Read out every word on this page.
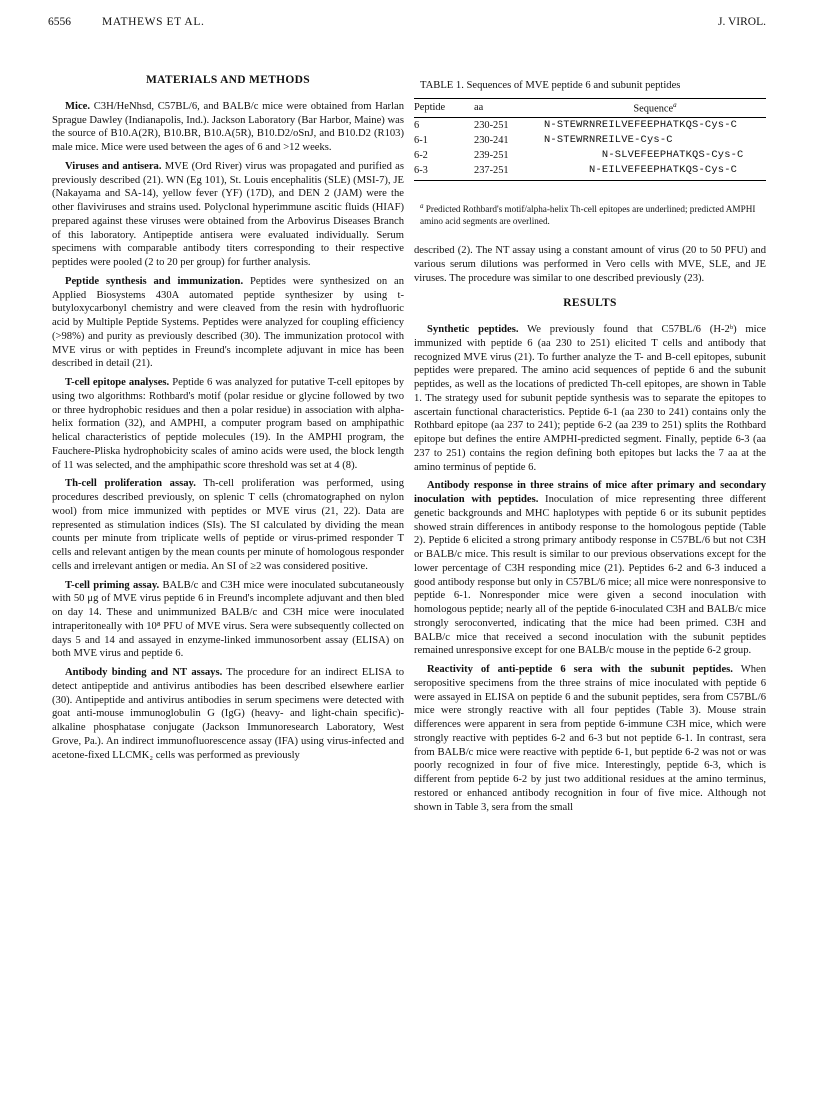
6556	MATHEWS ET AL.	J. VIROL.
MATERIALS AND METHODS

Mice. C3H/HeNhsd, C57BL/6, and BALB/c mice were obtained from Harlan Sprague Dawley (Indianapolis, Ind.). Jackson Laboratory (Bar Harbor, Maine) was the source of B10.A(2R), B10.BR, B10.A(5R), B10.D2/oSnJ, and B10.D2 (R103) male mice. Mice were used between the ages of 6 and >12 weeks.

Viruses and antisera. MVE (Ord River) virus was propagated and purified as previously described (21). WN (Eg 101), St. Louis encephalitis (SLE) (MSI-7), JE (Nakayama and SA-14), yellow fever (YF) (17D), and DEN 2 (JAM) were the other flaviviruses and strains used. Polyclonal hyperimmune ascitic fluids (HIAF) prepared against these viruses were obtained from the Arbovirus Diseases Branch of this laboratory. Antipeptide antisera were evaluated individually. Serum specimens with comparable antibody titers corresponding to their respective peptides were pooled (2 to 20 per group) for further analysis.

Peptide synthesis and immunization. Peptides were synthesized on an Applied Biosystems 430A automated peptide synthesizer by using t-butyloxycarbonyl chemistry and were cleaved from the resin with hydrofluoric acid by Multiple Peptide Systems. Peptides were analyzed for coupling efficiency (>98%) and purity as previously described (30). The immunization protocol with MVE virus or with peptides in Freund's incomplete adjuvant in mice has been described in detail (21).

T-cell epitope analyses. Peptide 6 was analyzed for putative T-cell epitopes by using two algorithms: Rothbard's motif (polar residue or glycine followed by two or three hydrophobic residues and then a polar residue) in association with alpha-helix formation (32), and AMPHI, a computer program based on amphipathic helical characteristics of peptide molecules (19). In the AMPHI program, the Fauchere-Pliska hydrophobicity scales of amino acids were used, the block length of 11 was selected, and the amphipathic score threshold was set at 4 (8).

Th-cell proliferation assay. Th-cell proliferation was performed, using procedures described previously, on splenic T cells (chromatographed on nylon wool) from mice immunized with peptides or MVE virus (21, 22). Data are represented as stimulation indices (SIs). The SI calculated by dividing the mean counts per minute from triplicate wells of peptide or virus-primed responder T cells and relevant antigen by the mean counts per minute of homologous responder cells and irrelevant antigen or media. An SI of ≥2 was considered positive.

T-cell priming assay. BALB/c and C3H mice were inoculated subcutaneously with 50 μg of MVE virus peptide 6 in Freund's incomplete adjuvant and then bled on day 14. These and unimmunized BALB/c and C3H mice were inoculated intraperitoneally with 10⁸ PFU of MVE virus. Sera were subsequently collected on days 5 and 14 and assayed in enzyme-linked immunosorbent assay (ELISA) on both MVE virus and peptide 6.

Antibody binding and NT assays. The procedure for an indirect ELISA to detect antipeptide and antivirus antibodies has been described elsewhere earlier (30). Antipeptide and antivirus antibodies in serum specimens were detected with goat anti-mouse immunoglobulin G (IgG) (heavy- and light-chain specific)-alkaline phosphatase conjugate (Jackson Immunoresearch Laboratory, West Grove, Pa.). An indirect immunofluorescence assay (IFA) using virus-infected and acetone-fixed LLCMK₂ cells was performed as previously

TABLE 1. Sequences of MVE peptide 6 and subunit peptides
Peptide	aa	Sequence$^a$
6	230-251	N-STEWRNREILVEFEEPHATKQS-Cys-C
6-1	230-241	N-STEWRNREILVE-Cys-C
6-2	239-251	N-SLVEFEEPHATKQS-Cys-C
6-3	237-251	N-EILVEFEEPHATKQS-Cys-C
$^a$ Predicted Rothbard's motif/alpha-helix Th-cell epitopes are underlined; predicted AMPHI amino acid segments are overlined.

described (2). The NT assay using a constant amount of virus (20 to 50 PFU) and various serum dilutions was performed in Vero cells with MVE, SLE, and JE viruses. The procedure was similar to one described previously (23).

RESULTS

Synthetic peptides. We previously found that C57BL/6 (H-2ᵇ) mice immunized with peptide 6 (aa 230 to 251) elicited T cells and antibody that recognized MVE virus (21). To further analyze the T- and B-cell epitopes, subunit peptides were prepared. The amino acid sequences of peptide 6 and the subunit peptides, as well as the locations of predicted Th-cell epitopes, are shown in Table 1. The strategy used for subunit peptide synthesis was to separate the epitopes to ascertain functional characteristics. Peptide 6-1 (aa 230 to 241) contains only the Rothbard epitope (aa 237 to 241); peptide 6-2 (aa 239 to 251) splits the Rothbard epitope but defines the entire AMPHI-predicted segment. Finally, peptide 6-3 (aa 237 to 251) contains the region defining both epitopes but lacks the 7 aa at the amino terminus of peptide 6.

Antibody response in three strains of mice after primary and secondary inoculation with peptides. Inoculation of mice representing three different genetic backgrounds and MHC haplotypes with peptide 6 or its subunit peptides showed strain differences in antibody response to the homologous peptide (Table 2). Peptide 6 elicited a strong primary antibody response in C57BL/6 but not C3H or BALB/c mice. This result is similar to our previous observations except for the lower percentage of C3H responding mice (21). Peptides 6-2 and 6-3 induced a good antibody response but only in C57BL/6 mice; all mice were nonresponsive to peptide 6-1. Nonresponder mice were given a second inoculation with homologous peptide; nearly all of the peptide 6-inoculated C3H and BALB/c mice strongly seroconverted, indicating that the mice had been primed. C3H and BALB/c mice that received a second inoculation with the subunit peptides remained unresponsive except for one BALB/c mouse in the peptide 6-2 group.

Reactivity of anti-peptide 6 sera with the subunit peptides. When seropositive specimens from the three strains of mice inoculated with peptide 6 were assayed in ELISA on peptide 6 and the subunit peptides, sera from C57BL/6 mice were strongly reactive with all four peptides (Table 3). Mouse strain differences were apparent in sera from peptide 6-immune C3H mice, which were strongly reactive with peptides 6-2 and 6-3 but not peptide 6-1. In contrast, sera from BALB/c mice were reactive with peptide 6-1, but peptide 6-2 was not or was poorly recognized in four of five mice. Interestingly, peptide 6-3, which is different from peptide 6-2 by just two additional residues at the amino terminus, restored or enhanced antibody recognition in four of five mice. Although not shown in Table 3, sera from the small
